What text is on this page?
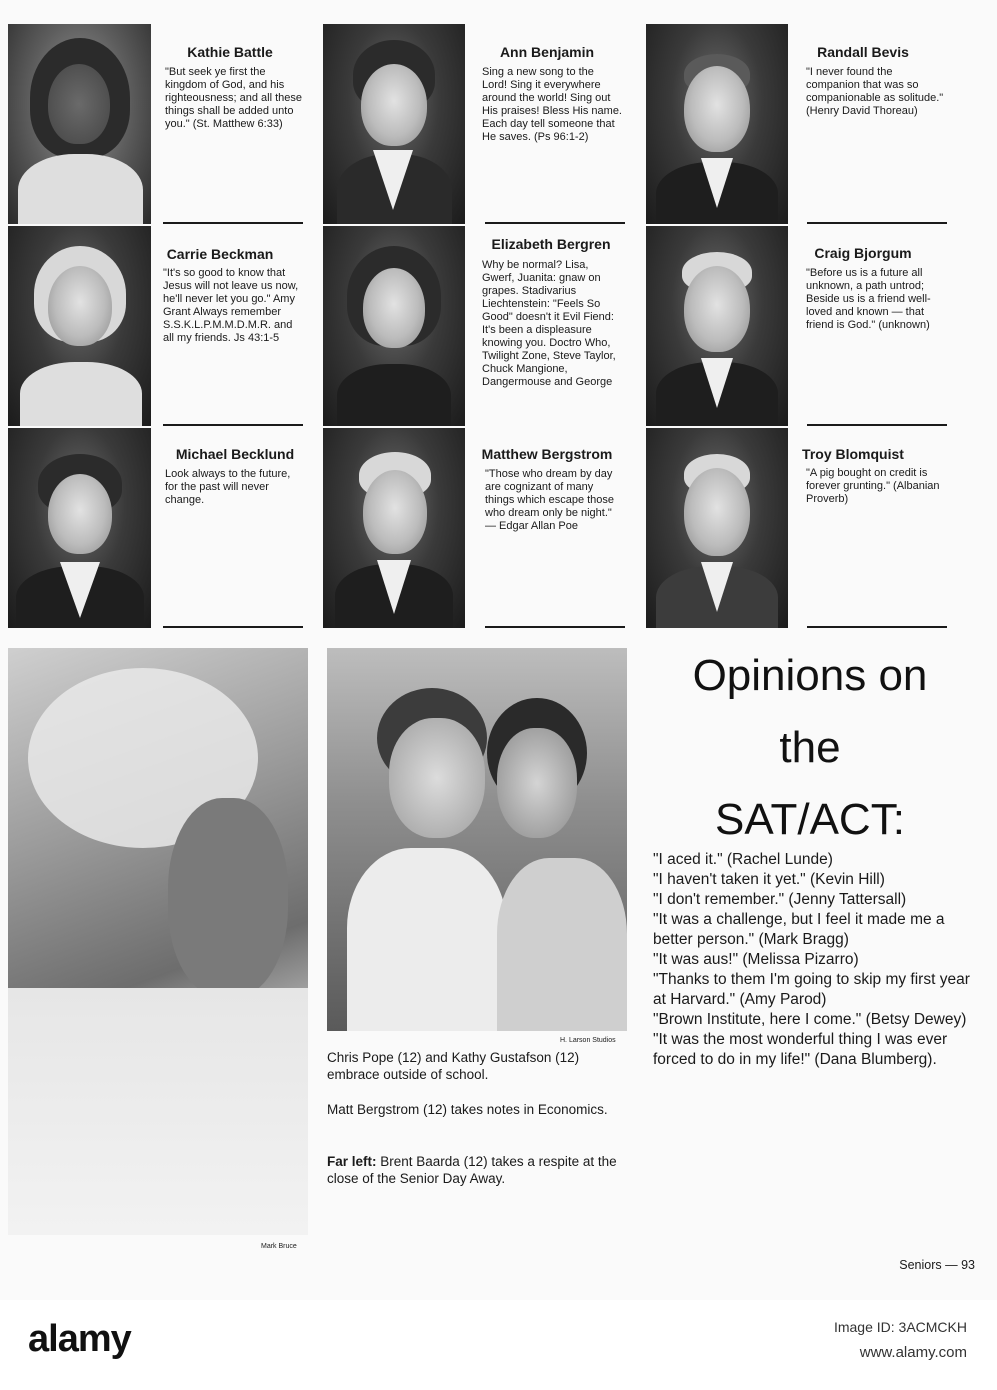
Kathie Battle
"But seek ye first the kingdom of God, and his righteousness; and all these things shall be added unto you." (St. Matthew 6:33)
Ann Benjamin
Sing a new song to the Lord! Sing it everywhere around the world! Sing out His praises! Bless His name. Each day tell someone that He saves. (Ps 96:1-2)
Randall Bevis
"I never found the companion that was so companionable as solitude." (Henry David Thoreau)
Carrie Beckman
"It's so good to know that Jesus will not leave us now, he'll never let you go." Amy Grant Always remember S.S.K.L.P.M.M.D.M.R. and all my friends. Js 43:1-5
Elizabeth Bergren
Why be normal? Lisa, Gwerf, Juanita: gnaw on grapes. Stadivarius Liechtenstein: "Feels So Good" doesn't it Evil Fiend: It's been a displeasure knowing you. Doctro Who, Twilight Zone, Steve Taylor, Chuck Mangione, Dangermouse and George
Craig Bjorgum
"Before us is a future all unknown, a path untrod; Beside us is a friend well-loved and known — that friend is God." (unknown)
Michael Becklund
Look always to the future, for the past will never change.
Matthew Bergstrom
"Those who dream by day are cognizant of many things which escape those who dream only be night." — Edgar Allan Poe
Troy Blomquist
"A pig bought on credit is forever grunting." (Albanian Proverb)
Mark Bruce
H. Larson Studios
Chris Pope (12) and Kathy Gustafson (12) embrace outside of school.
Matt Bergstrom (12) takes notes in Economics.
Far left: Brent Baarda (12) takes a respite at the close of the Senior Day Away.
Opinions on
the
SAT/ACT:
"I aced it." (Rachel Lunde)
"I haven't taken it yet." (Kevin Hill)
"I don't remember." (Jenny Tattersall)
"It was a challenge, but I feel it made me a better person." (Mark Bragg)
"It was aus!" (Melissa Pizarro)
"Thanks to them I'm going to skip my first year at Harvard." (Amy Parod)
"Brown Institute, here I come." (Betsy Dewey)
"It was the most wonderful thing I was ever forced to do in my life!" (Dana Blumberg).
Seniors — 93
alamy	Image ID: 3ACMCKH
www.alamy.com
